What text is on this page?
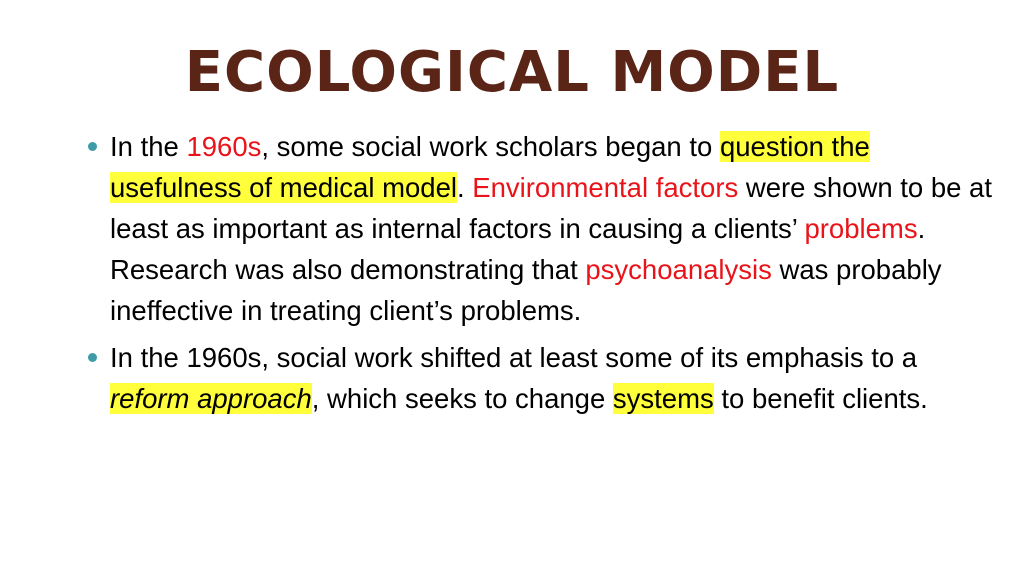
ECOLOGICAL MODEL
In the 1960s, some social work scholars began to question the usefulness of medical model. Environmental factors were shown to be at least as important as internal factors in causing a clients’ problems. Research was also demonstrating that psychoanalysis was probably ineffective in treating client’s problems.
In the 1960s, social work shifted at least some of its emphasis to a reform approach, which seeks to change systems to benefit clients.
